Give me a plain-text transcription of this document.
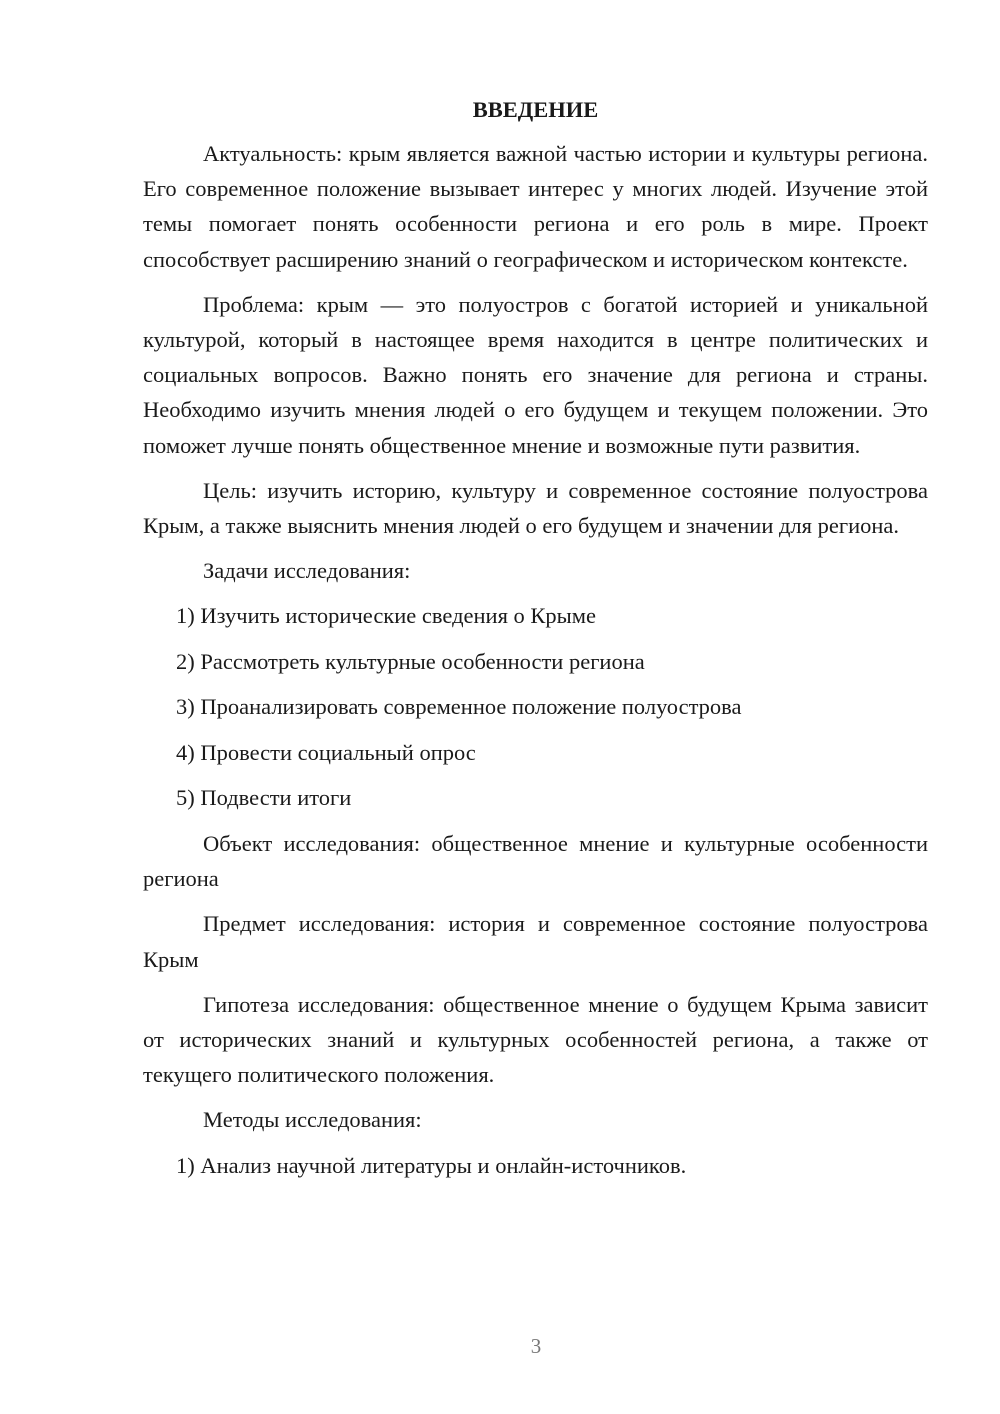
ВВЕДЕНИЕ

Актуальность: крым является важной частью истории и культуры региона. Его современное положение вызывает интерес у многих людей. Изучение этой темы помогает понять особенности региона и его роль в мире. Проект способствует расширению знаний о географическом и историческом контексте.

Проблема: крым — это полуостров с богатой историей и уникальной культурой, который в настоящее время находится в центре политических и социальных вопросов. Важно понять его значение для региона и страны. Необходимо изучить мнения людей о его будущем и текущем положении. Это поможет лучше понять общественное мнение и возможные пути развития.

Цель: изучить историю, культуру и современное состояние полуострова Крым, а также выяснить мнения людей о его будущем и значении для региона.

Задачи исследования:

1) Изучить исторические сведения о Крыме
2) Рассмотреть культурные особенности региона
3) Проанализировать современное положение полуострова
4) Провести социальный опрос
5) Подвести итоги

Объект исследования: общественное мнение и культурные особенности региона

Предмет исследования: история и современное состояние полуострова Крым

Гипотеза исследования: общественное мнение о будущем Крыма зависит от исторических знаний и культурных особенностей региона, а также от текущего политического положения.

Методы исследования:

1) Анализ научной литературы и онлайн-источников.
3
